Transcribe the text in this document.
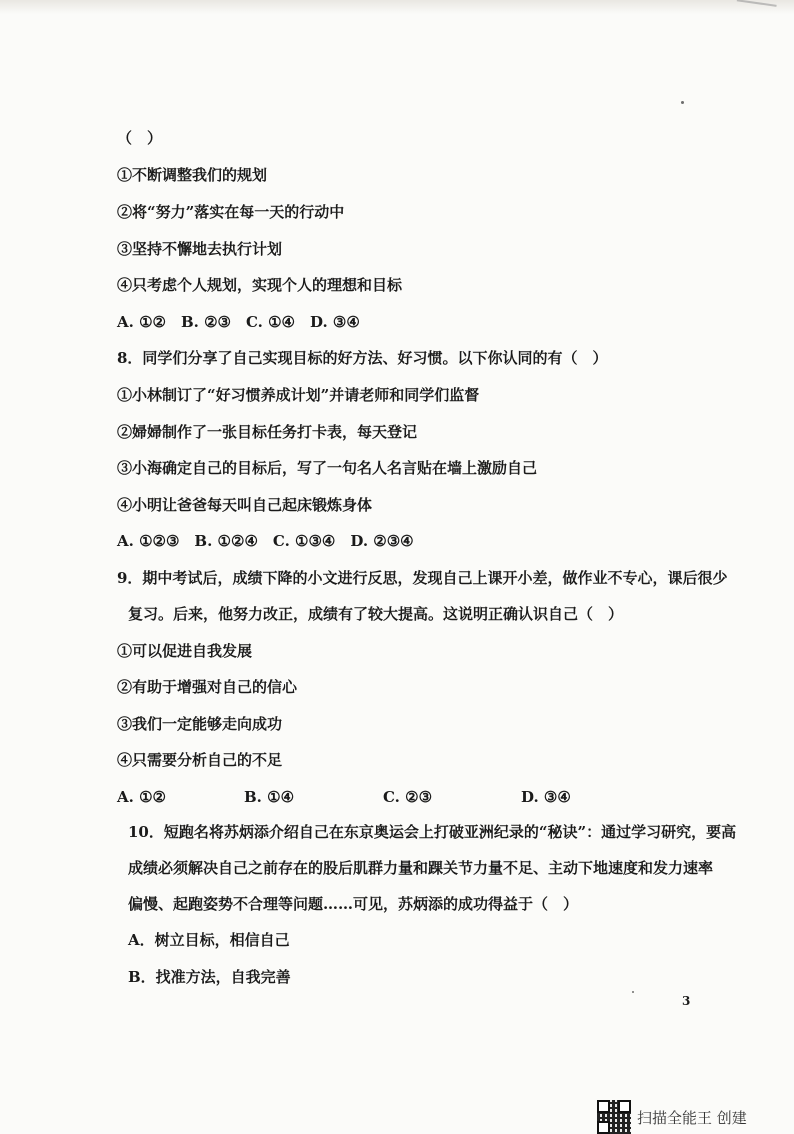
（　）
①不断调整我们的规划
②将“努力”落实在每一天的行动中
③坚持不懈地去执行计划
④只考虑个人规划，实现个人的理想和目标
A. ①②　B. ②③　C. ①④　D. ③④
8．同学们分享了自己实现目标的好方法、好习惯。以下你认同的有（　）
①小林制订了“好习惯养成计划”并请老师和同学们监督
②婦婦制作了一张目标任务打卡表，每天登记
③小海确定自己的目标后，写了一句名人名言贴在墙上激励自己
④小明让爸爸每天叫自己起床锻炼身体
A. ①②③　B. ①②④　C. ①③④　D. ②③④
9．期中考试后，成绩下降的小文进行反思，发现自己上课开小差，做作业不专心，课后很少
复习。后来，他努力改正，成绩有了较大提高。这说明正确认识自己（　）
①可以促进自我发展
②有助于增强对自己的信心
③我们一定能够走向成功
④只需要分析自己的不足
A. ①②	B. ①④	C. ②③	D. ③④
10．短跑名将苏炳添介绍自己在东京奥运会上打破亚洲纪录的“秘诀”：通过学习研究，要高
成绩必须解决自己之前存在的股后肌群力量和踝关节力量不足、主动下地速度和发力速率
偏慢、起跑姿势不合理等问题……可见，苏炳添的成功得益于（　）
A．树立目标，相信自己
B．找准方法，自我完善
3
扫描全能王 创建
